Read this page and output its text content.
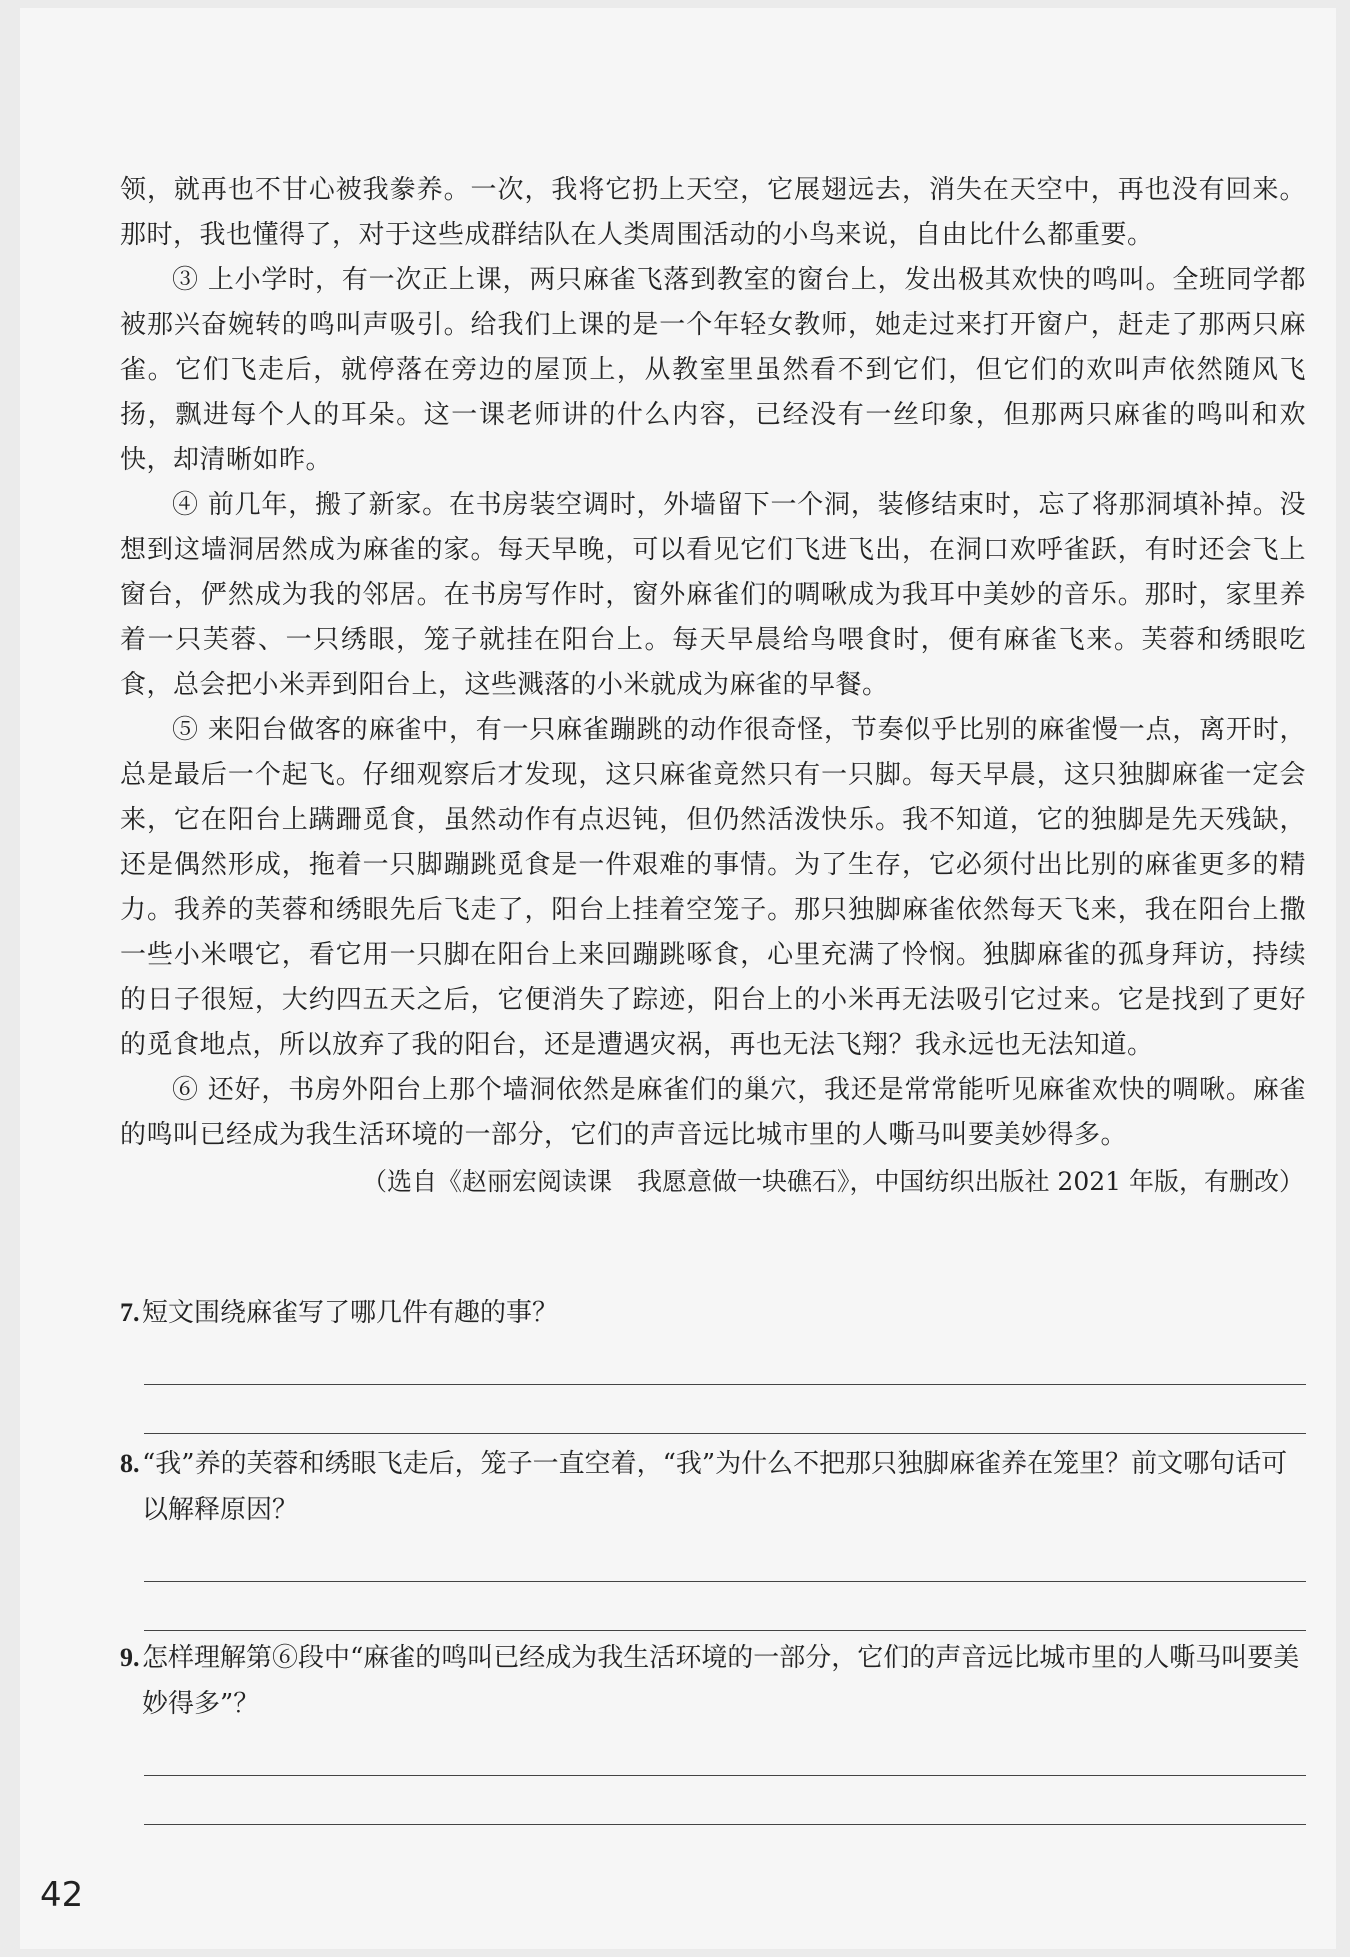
领，就再也不甘心被我豢养。一次，我将它扔上天空，它展翅远去，消失在天空中，再也没有回来。那时，我也懂得了，对于这些成群结队在人类周围活动的小鸟来说，自由比什么都重要。

③ 上小学时，有一次正上课，两只麻雀飞落到教室的窗台上，发出极其欢快的鸣叫。全班同学都被那兴奋婉转的鸣叫声吸引。给我们上课的是一个年轻女教师，她走过来打开窗户，赶走了那两只麻雀。它们飞走后，就停落在旁边的屋顶上，从教室里虽然看不到它们，但它们的欢叫声依然随风飞扬，飘进每个人的耳朵。这一课老师讲的什么内容，已经没有一丝印象，但那两只麻雀的鸣叫和欢快，却清晰如昨。

④ 前几年，搬了新家。在书房装空调时，外墙留下一个洞，装修结束时，忘了将那洞填补掉。没想到这墙洞居然成为麻雀的家。每天早晚，可以看见它们飞进飞出，在洞口欢呼雀跃，有时还会飞上窗台，俨然成为我的邻居。在书房写作时，窗外麻雀们的啁啾成为我耳中美妙的音乐。那时，家里养着一只芙蓉、一只绣眼，笼子就挂在阳台上。每天早晨给鸟喂食时，便有麻雀飞来。芙蓉和绣眼吃食，总会把小米弄到阳台上，这些溅落的小米就成为麻雀的早餐。

⑤ 来阳台做客的麻雀中，有一只麻雀蹦跳的动作很奇怪，节奏似乎比别的麻雀慢一点，离开时，总是最后一个起飞。仔细观察后才发现，这只麻雀竟然只有一只脚。每天早晨，这只独脚麻雀一定会来，它在阳台上蹒跚觅食，虽然动作有点迟钝，但仍然活泼快乐。我不知道，它的独脚是先天残缺，还是偶然形成，拖着一只脚蹦跳觅食是一件艰难的事情。为了生存，它必须付出比别的麻雀更多的精力。我养的芙蓉和绣眼先后飞走了，阳台上挂着空笼子。那只独脚麻雀依然每天飞来，我在阳台上撒一些小米喂它，看它用一只脚在阳台上来回蹦跳啄食，心里充满了怜悯。独脚麻雀的孤身拜访，持续的日子很短，大约四五天之后，它便消失了踪迹，阳台上的小米再无法吸引它过来。它是找到了更好的觅食地点，所以放弃了我的阳台，还是遭遇灾祸，再也无法飞翔？我永远也无法知道。

⑥ 还好，书房外阳台上那个墙洞依然是麻雀们的巢穴，我还是常常能听见麻雀欢快的啁啾。麻雀的鸣叫已经成为我生活环境的一部分，它们的声音远比城市里的人嘶马叫要美妙得多。

（选自《赵丽宏阅读课　我愿意做一块礁石》，中国纺织出版社 2021 年版，有删改）
7. 短文围绕麻雀写了哪几件有趣的事？
8. “我”养的芙蓉和绣眼飞走后，笼子一直空着，“我”为什么不把那只独脚麻雀养在笼里？前文哪句话可以解释原因？
9. 怎样理解第⑥段中“麻雀的鸣叫已经成为我生活环境的一部分，它们的声音远比城市里的人嘶马叫要美妙得多”？
42
